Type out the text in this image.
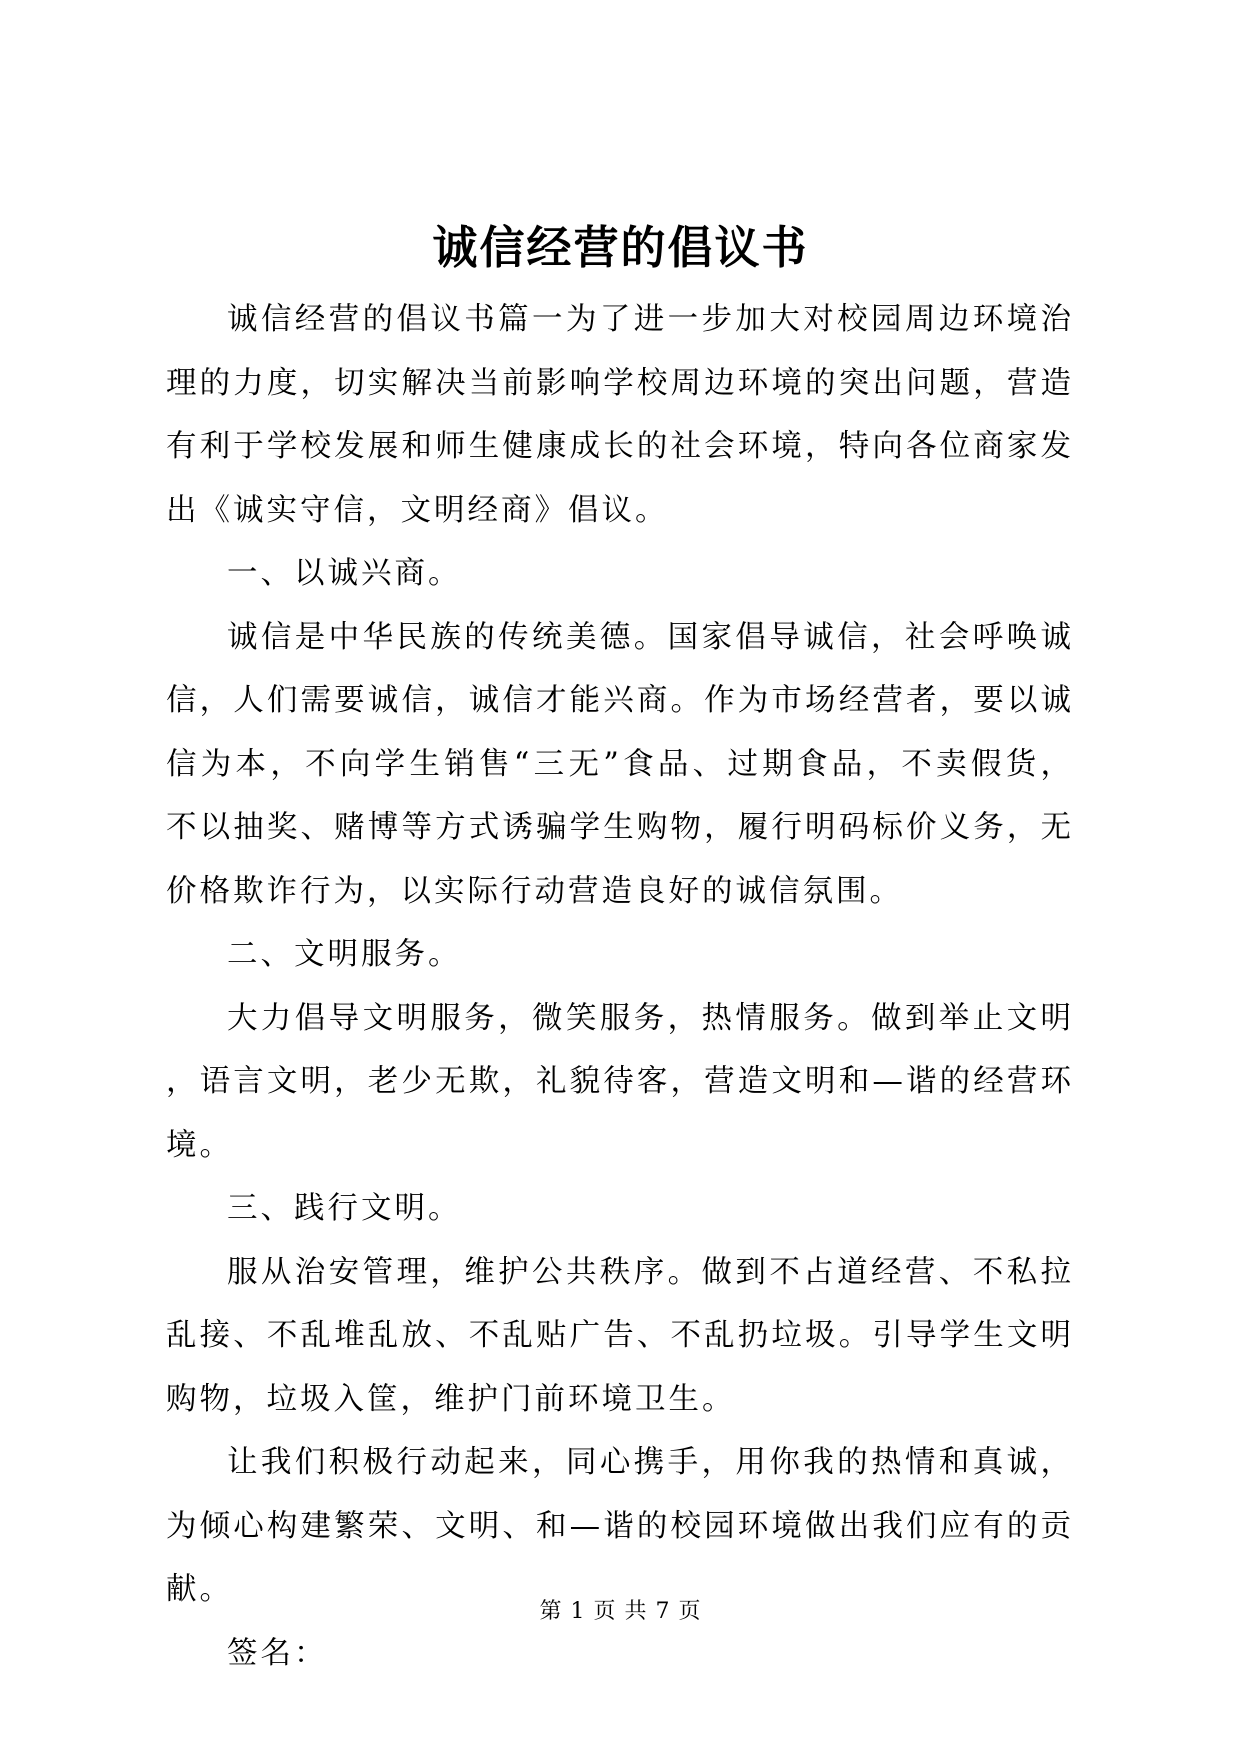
诚信经营的倡议书

诚信经营的倡议书篇一为了进一步加大对校园周边环境治理的力度，切实解决当前影响学校周边环境的突出问题，营造有利于学校发展和师生健康成长的社会环境，特向各位商家发出《诚实守信，文明经商》倡议。

一、以诚兴商。

诚信是中华民族的传统美德。国家倡导诚信，社会呼唤诚信，人们需要诚信，诚信才能兴商。作为市场经营者，要以诚信为本，不向学生销售“三无”食品、过期食品，不卖假货，不以抽奖、赌博等方式诱骗学生购物，履行明码标价义务，无价格欺诈行为，以实际行动营造良好的诚信氛围。

二、文明服务。

大力倡导文明服务，微笑服务，热情服务。做到举止文明，语言文明，老少无欺，礼貌待客，营造文明和—谐的经营环境。

三、践行文明。

服从治安管理，维护公共秩序。做到不占道经营、不私拉乱接、不乱堆乱放、不乱贴广告、不乱扔垃圾。引导学生文明购物，垃圾入筐，维护门前环境卫生。

让我们积极行动起来，同心携手，用你我的热情和真诚，为倾心构建繁荣、文明、和—谐的校园环境做出我们应有的贡献。

签名：

第 1 页 共 7 页
